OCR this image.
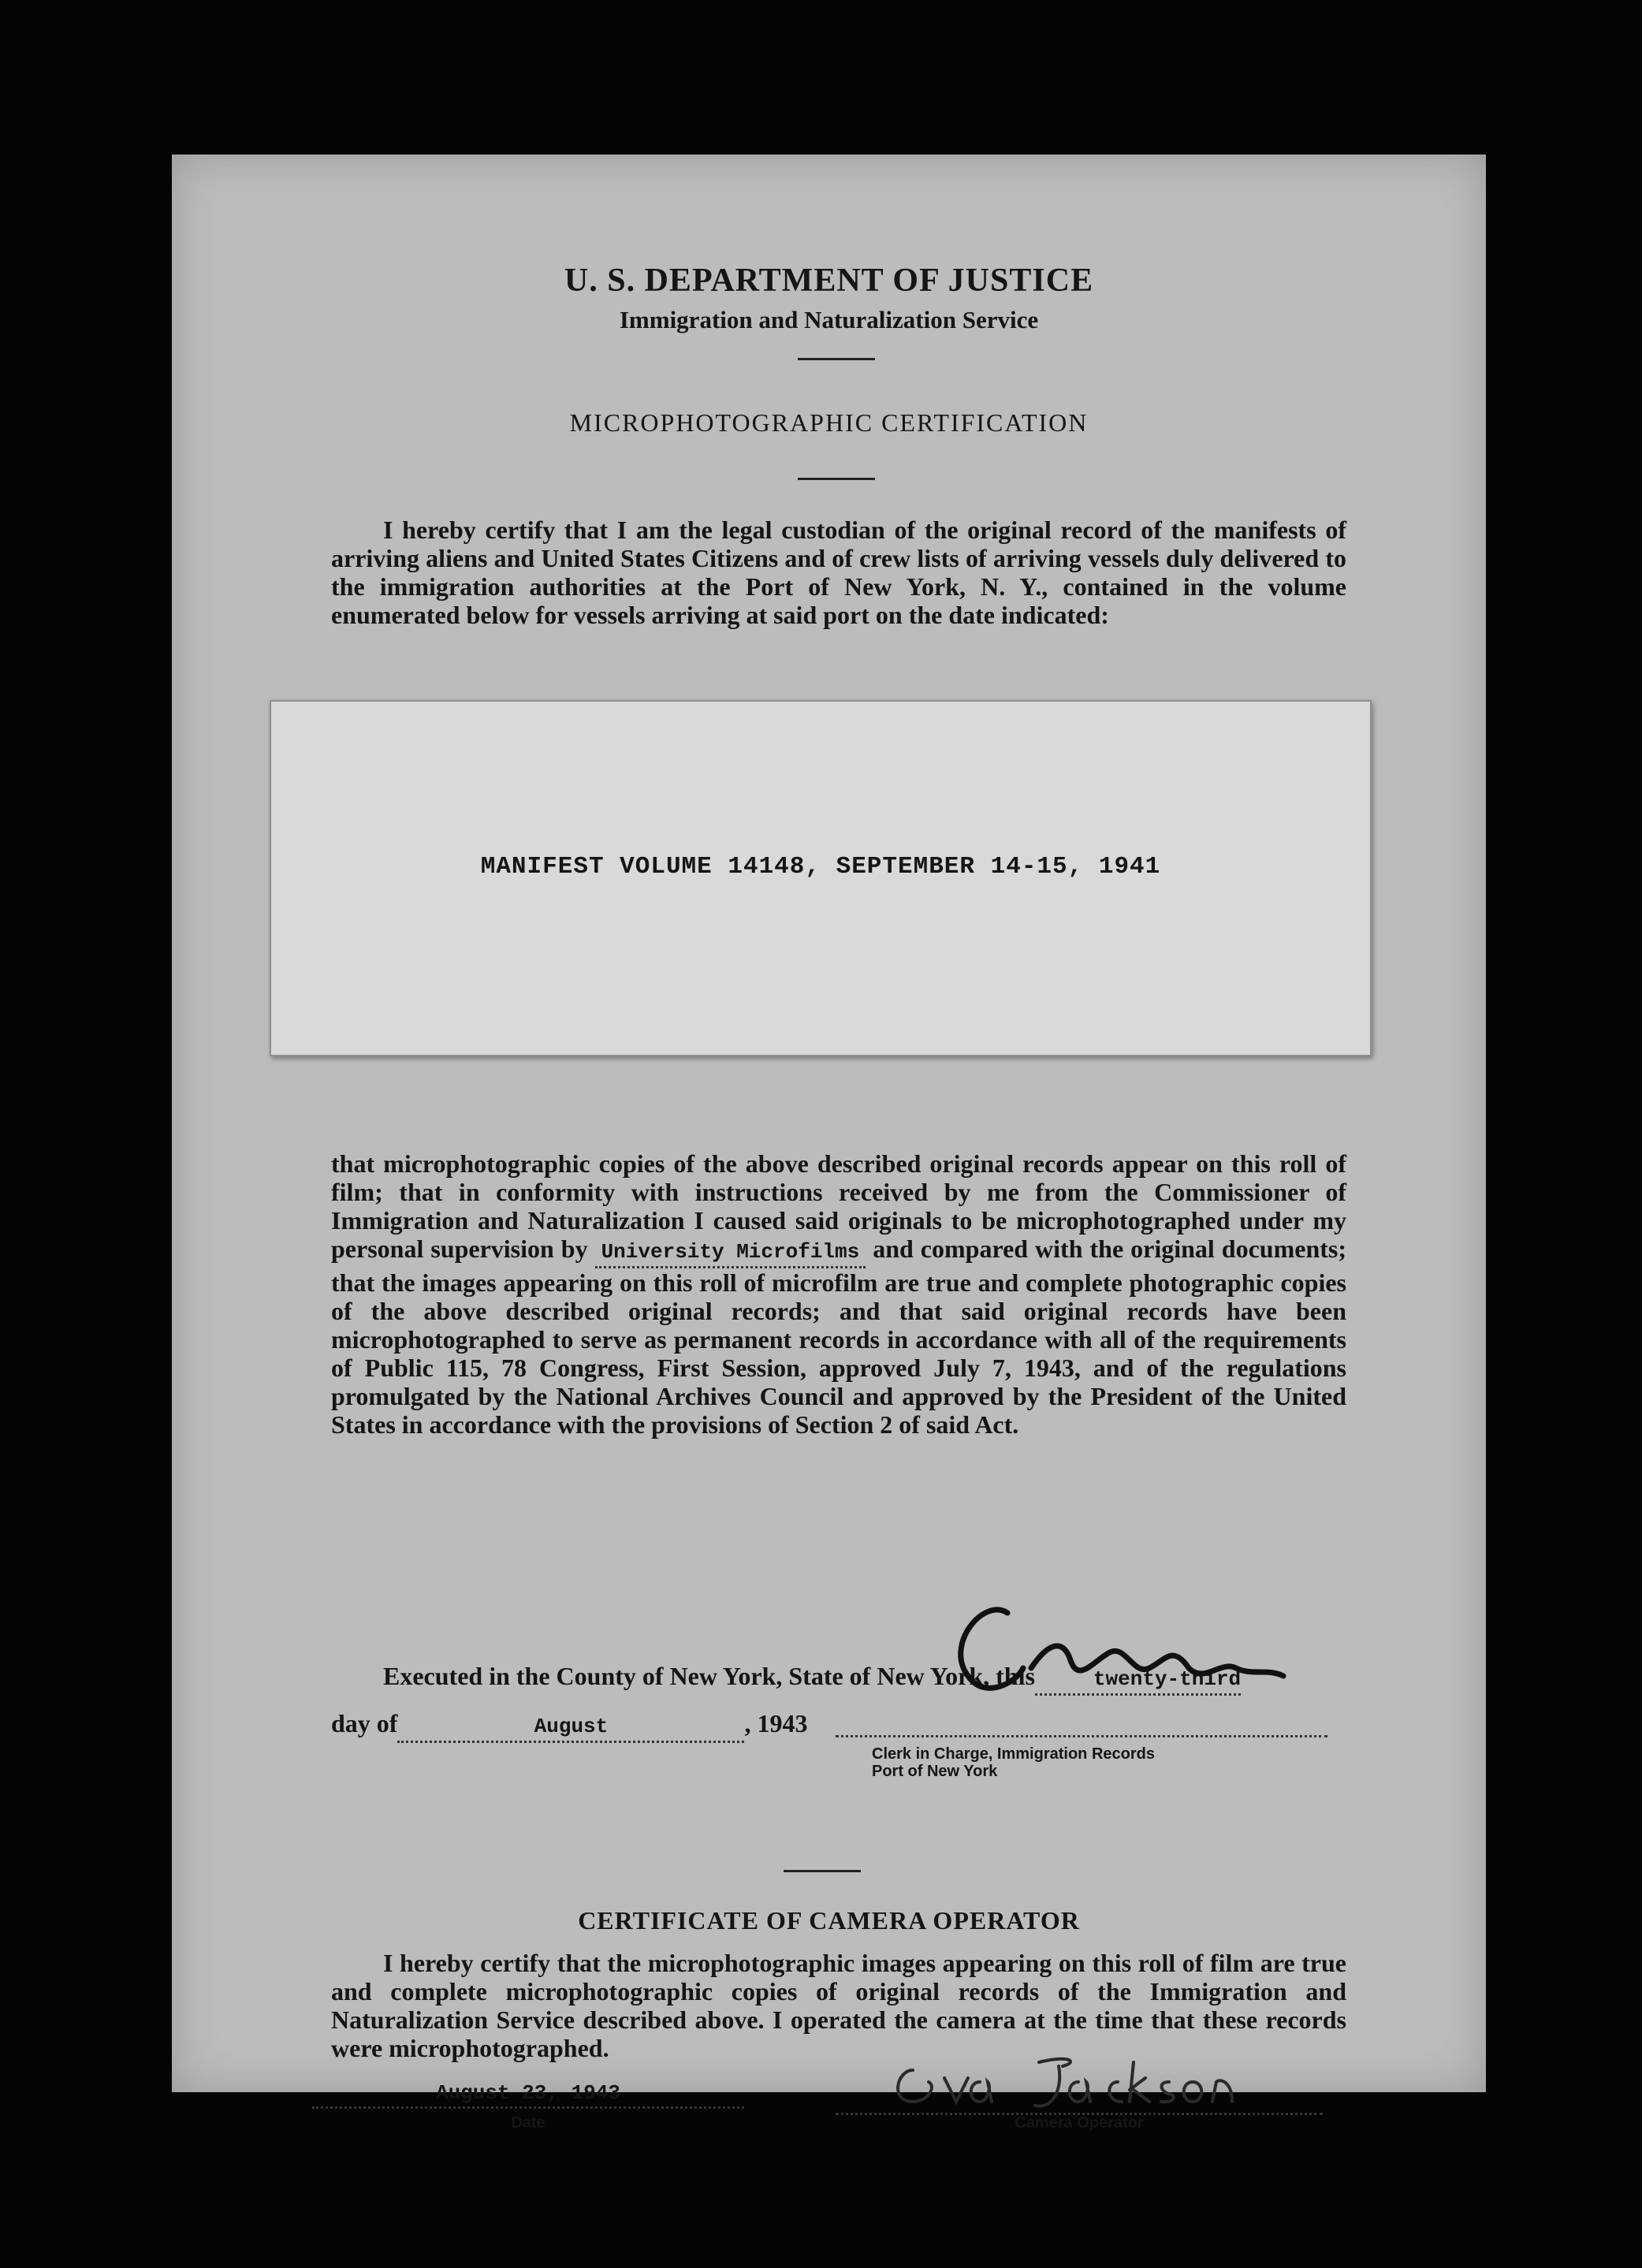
U. S. DEPARTMENT OF JUSTICE
Immigration and Naturalization Service
MICROPHOTOGRAPHIC CERTIFICATION
I hereby certify that I am the legal custodian of the original record of the manifests of arriving aliens and United States Citizens and of crew lists of arriving vessels duly delivered to the immigration authorities at the Port of New York, N. Y., contained in the volume enumerated below for vessels arriving at said port on the date indicated:
MANIFEST VOLUME 14148, SEPTEMBER 14-15, 1941
that microphotographic copies of the above described original records appear on this roll of film; that in conformity with instructions received by me from the Commissioner of Immigration and Naturalization I caused said originals to be microphotographed under my personal supervision by University Microfilms and compared with the original documents; that the images appearing on this roll of microfilm are true and complete photographic copies of the above described original records; and that said original records have been microphotographed to serve as permanent records in accordance with all of the requirements of Public 115, 78 Congress, First Session, approved July 7, 1943, and of the regulations promulgated by the National Archives Council and approved by the President of the United States in accordance with the provisions of Section 2 of said Act.
Executed in the County of New York, State of New York, this	twenty-third
day of	August	, 1943
Clerk in Charge, Immigration Records
Port of New York
CERTIFICATE OF CAMERA OPERATOR
I hereby certify that the microphotographic images appearing on this roll of film are true and complete microphotographic copies of original records of the Immigration and Naturalization Service described above. I operated the camera at the time that these records were microphotographed.
August 23, 1943
Date	Camera Operator
